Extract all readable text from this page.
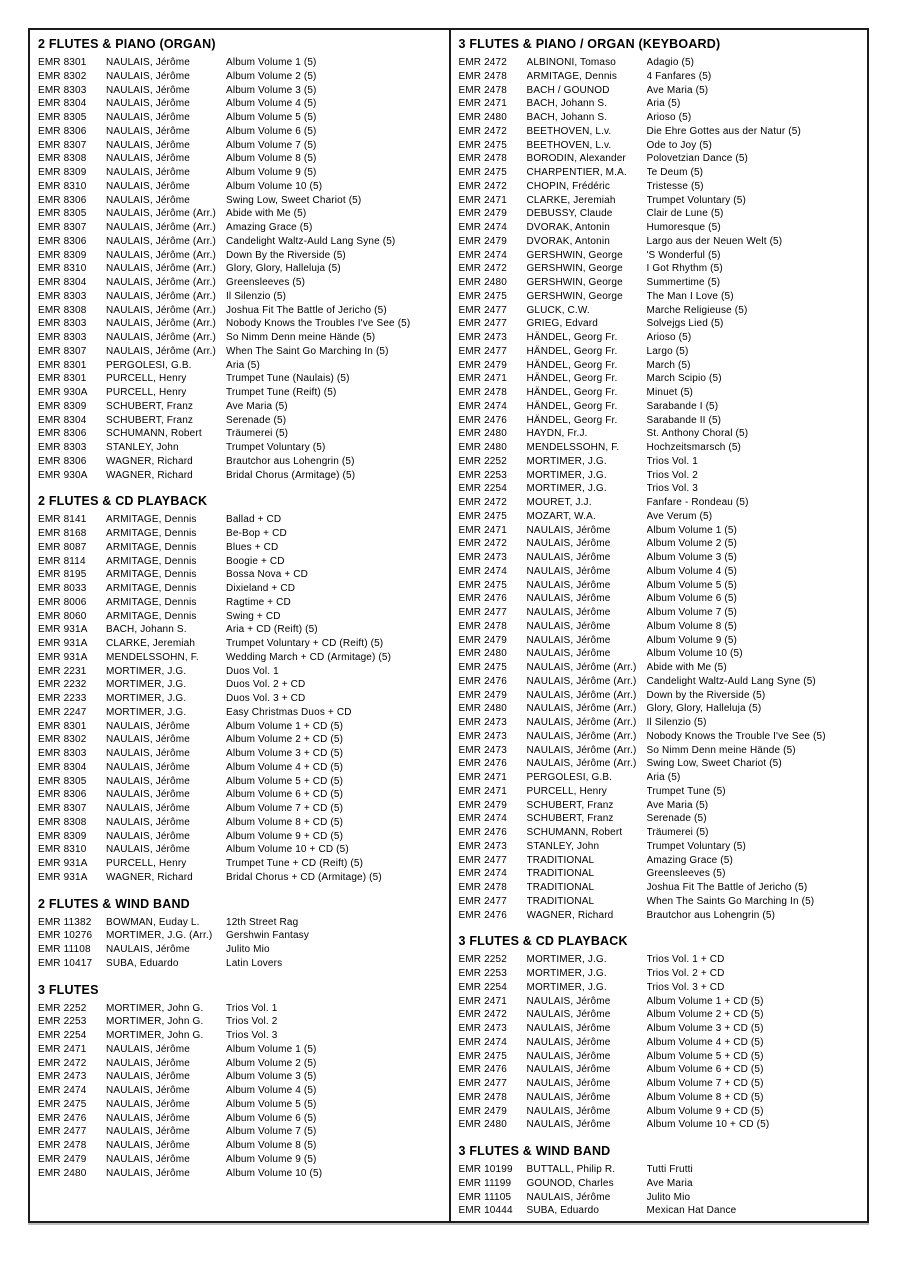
2 FLUTES & PIANO (ORGAN)
EMR 8301	NAULAIS, Jérôme	Album Volume 1 (5)
EMR 8302	NAULAIS, Jérôme	Album Volume 2 (5)
EMR 8303	NAULAIS, Jérôme	Album Volume 3 (5)
EMR 8304	NAULAIS, Jérôme	Album Volume 4 (5)
EMR 8305	NAULAIS, Jérôme	Album Volume 5 (5)
EMR 8306	NAULAIS, Jérôme	Album Volume 6 (5)
EMR 8307	NAULAIS, Jérôme	Album Volume 7 (5)
EMR 8308	NAULAIS, Jérôme	Album Volume 8 (5)
EMR 8309	NAULAIS, Jérôme	Album Volume 9 (5)
EMR 8310	NAULAIS, Jérôme	Album Volume 10 (5)
EMR 8306	NAULAIS, Jérôme	Swing Low, Sweet Chariot (5)
EMR 8305	NAULAIS, Jérôme (Arr.)	Abide with Me (5)
EMR 8307	NAULAIS, Jérôme (Arr.)	Amazing Grace (5)
EMR 8306	NAULAIS, Jérôme (Arr.)	Candelight Waltz-Auld Lang Syne (5)
EMR 8309	NAULAIS, Jérôme (Arr.)	Down By the Riverside (5)
EMR 8310	NAULAIS, Jérôme (Arr.)	Glory, Glory, Halleluja (5)
EMR 8304	NAULAIS, Jérôme (Arr.)	Greensleeves (5)
EMR 8303	NAULAIS, Jérôme (Arr.)	Il Silenzio (5)
EMR 8308	NAULAIS, Jérôme (Arr.)	Joshua Fit The Battle of Jericho (5)
EMR 8303	NAULAIS, Jérôme (Arr.)	Nobody Knows the Troubles I've See (5)
EMR 8303	NAULAIS, Jérôme (Arr.)	So Nimm Denn meine Hände (5)
EMR 8307	NAULAIS, Jérôme (Arr.)	When The Saint Go Marching In (5)
EMR 8301	PERGOLESI, G.B.	Aria (5)
EMR 8301	PURCELL, Henry	Trumpet Tune (Naulais) (5)
EMR 930A	PURCELL, Henry	Trumpet Tune (Reift) (5)
EMR 8309	SCHUBERT, Franz	Ave Maria (5)
EMR 8304	SCHUBERT, Franz	Serenade (5)
EMR 8306	SCHUMANN, Robert	Träumerei (5)
EMR 8303	STANLEY, John	Trumpet Voluntary (5)
EMR 8306	WAGNER, Richard	Brautchor aus Lohengrin (5)
EMR 930A	WAGNER, Richard	Bridal Chorus (Armitage) (5)
2 FLUTES & CD PLAYBACK
EMR 8141	ARMITAGE, Dennis	Ballad + CD
EMR 8168	ARMITAGE, Dennis	Be-Bop + CD
EMR 8087	ARMITAGE, Dennis	Blues + CD
EMR 8114	ARMITAGE, Dennis	Boogie + CD
EMR 8195	ARMITAGE, Dennis	Bossa Nova + CD
EMR 8033	ARMITAGE, Dennis	Dixieland + CD
EMR 8006	ARMITAGE, Dennis	Ragtime + CD
EMR 8060	ARMITAGE, Dennis	Swing + CD
EMR 931A	BACH, Johann S.	Aria + CD (Reift) (5)
EMR 931A	CLARKE, Jeremiah	Trumpet Voluntary + CD (Reift) (5)
EMR 931A	MENDELSSOHN, F.	Wedding March + CD (Armitage) (5)
EMR 2231	MORTIMER, J.G.	Duos Vol. 1
EMR 2232	MORTIMER, J.G.	Duos Vol. 2 + CD
EMR 2233	MORTIMER, J.G.	Duos Vol. 3 + CD
EMR 2247	MORTIMER, J.G.	Easy Christmas Duos + CD
EMR 8301	NAULAIS, Jérôme	Album Volume 1 + CD (5)
EMR 8302	NAULAIS, Jérôme	Album Volume 2 + CD (5)
EMR 8303	NAULAIS, Jérôme	Album Volume 3 + CD (5)
EMR 8304	NAULAIS, Jérôme	Album Volume 4 + CD (5)
EMR 8305	NAULAIS, Jérôme	Album Volume 5 + CD (5)
EMR 8306	NAULAIS, Jérôme	Album Volume 6 + CD (5)
EMR 8307	NAULAIS, Jérôme	Album Volume 7 + CD (5)
EMR 8308	NAULAIS, Jérôme	Album Volume 8 + CD (5)
EMR 8309	NAULAIS, Jérôme	Album Volume 9 + CD (5)
EMR 8310	NAULAIS, Jérôme	Album Volume 10 + CD (5)
EMR 931A	PURCELL, Henry	Trumpet Tune + CD (Reift) (5)
EMR 931A	WAGNER, Richard	Bridal Chorus + CD (Armitage) (5)
2 FLUTES & WIND BAND
EMR 11382	BOWMAN, Euday L.	12th Street Rag
EMR 10276	MORTIMER, J.G. (Arr.)	Gershwin Fantasy
EMR 11108	NAULAIS, Jérôme	Julito Mio
EMR 10417	SUBA, Eduardo	Latin Lovers
3 FLUTES
EMR 2252	MORTIMER, John G.	Trios Vol. 1
EMR 2253	MORTIMER, John G.	Trios Vol. 2
EMR 2254	MORTIMER, John G.	Trios Vol. 3
EMR 2471	NAULAIS, Jérôme	Album Volume 1 (5)
EMR 2472	NAULAIS, Jérôme	Album Volume 2 (5)
EMR 2473	NAULAIS, Jérôme	Album Volume 3 (5)
EMR 2474	NAULAIS, Jérôme	Album Volume 4 (5)
EMR 2475	NAULAIS, Jérôme	Album Volume 5 (5)
EMR 2476	NAULAIS, Jérôme	Album Volume 6 (5)
EMR 2477	NAULAIS, Jérôme	Album Volume 7 (5)
EMR 2478	NAULAIS, Jérôme	Album Volume 8 (5)
EMR 2479	NAULAIS, Jérôme	Album Volume 9 (5)
EMR 2480	NAULAIS, Jérôme	Album Volume 10 (5)
3 FLUTES & PIANO / ORGAN (KEYBOARD)
EMR 2472	ALBINONI, Tomaso	Adagio (5)
EMR 2478	ARMITAGE, Dennis	4 Fanfares (5)
EMR 2478	BACH / GOUNOD	Ave Maria (5)
EMR 2471	BACH, Johann S.	Aria (5)
EMR 2480	BACH, Johann S.	Arioso (5)
EMR 2472	BEETHOVEN, L.v.	Die Ehre Gottes aus der Natur (5)
EMR 2475	BEETHOVEN, L.v.	Ode to Joy (5)
EMR 2478	BORODIN, Alexander	Polovetzian Dance (5)
EMR 2475	CHARPENTIER, M.A.	Te Deum (5)
EMR 2472	CHOPIN, Frédéric	Tristesse (5)
EMR 2471	CLARKE, Jeremiah	Trumpet Voluntary (5)
EMR 2479	DEBUSSY, Claude	Clair de Lune (5)
EMR 2474	DVORAK, Antonin	Humoresque (5)
EMR 2479	DVORAK, Antonin	Largo aus der Neuen Welt (5)
EMR 2474	GERSHWIN, George	'S Wonderful (5)
EMR 2472	GERSHWIN, George	I Got Rhythm (5)
EMR 2480	GERSHWIN, George	Summertime (5)
EMR 2475	GERSHWIN, George	The Man I Love (5)
EMR 2477	GLUCK, C.W.	Marche Religieuse (5)
EMR 2477	GRIEG, Edvard	Solvejgs Lied (5)
EMR 2473	HÄNDEL, Georg Fr.	Arioso (5)
EMR 2477	HÄNDEL, Georg Fr.	Largo (5)
EMR 2479	HÄNDEL, Georg Fr.	March (5)
EMR 2471	HÄNDEL, Georg Fr.	March Scipio (5)
EMR 2478	HÄNDEL, Georg Fr.	Minuet (5)
EMR 2474	HÄNDEL, Georg Fr.	Sarabande I (5)
EMR 2476	HÄNDEL, Georg Fr.	Sarabande II (5)
EMR 2480	HAYDN, Fr.J.	St. Anthony Choral (5)
EMR 2480	MENDELSSOHN, F.	Hochzeitsmarsch (5)
EMR 2252	MORTIMER, J.G.	Trios Vol. 1
EMR 2253	MORTIMER, J.G.	Trios Vol. 2
EMR 2254	MORTIMER, J.G.	Trios Vol. 3
EMR 2472	MOURET, J.J.	Fanfare - Rondeau (5)
EMR 2475	MOZART, W.A.	Ave Verum (5)
EMR 2471	NAULAIS, Jérôme	Album Volume 1 (5)
EMR 2472	NAULAIS, Jérôme	Album Volume 2 (5)
EMR 2473	NAULAIS, Jérôme	Album Volume 3 (5)
EMR 2474	NAULAIS, Jérôme	Album Volume 4 (5)
EMR 2475	NAULAIS, Jérôme	Album Volume 5 (5)
EMR 2476	NAULAIS, Jérôme	Album Volume 6 (5)
EMR 2477	NAULAIS, Jérôme	Album Volume 7 (5)
EMR 2478	NAULAIS, Jérôme	Album Volume 8 (5)
EMR 2479	NAULAIS, Jérôme	Album Volume 9 (5)
EMR 2480	NAULAIS, Jérôme	Album Volume 10 (5)
EMR 2475	NAULAIS, Jérôme (Arr.)	Abide with Me (5)
EMR 2476	NAULAIS, Jérôme (Arr.)	Candelight Waltz-Auld Lang Syne (5)
EMR 2479	NAULAIS, Jérôme (Arr.)	Down by the Riverside (5)
EMR 2480	NAULAIS, Jérôme (Arr.)	Glory, Glory, Halleluja (5)
EMR 2473	NAULAIS, Jérôme (Arr.)	Il Silenzio (5)
EMR 2473	NAULAIS, Jérôme (Arr.)	Nobody Knows the Trouble I've See (5)
EMR 2473	NAULAIS, Jérôme (Arr.)	So Nimm Denn meine Hände (5)
EMR 2476	NAULAIS, Jérôme (Arr.)	Swing Low, Sweet Chariot (5)
EMR 2471	PERGOLESI, G.B.	Aria (5)
EMR 2471	PURCELL, Henry	Trumpet Tune (5)
EMR 2479	SCHUBERT, Franz	Ave Maria (5)
EMR 2474	SCHUBERT, Franz	Serenade (5)
EMR 2476	SCHUMANN, Robert	Träumerei (5)
EMR 2473	STANLEY, John	Trumpet Voluntary (5)
EMR 2477	TRADITIONAL	Amazing Grace (5)
EMR 2474	TRADITIONAL	Greensleeves (5)
EMR 2478	TRADITIONAL	Joshua Fit The Battle of Jericho (5)
EMR 2477	TRADITIONAL	When The Saints Go Marching In (5)
EMR 2476	WAGNER, Richard	Brautchor aus Lohengrin (5)
3 FLUTES & CD PLAYBACK
EMR 2252	MORTIMER, J.G.	Trios Vol. 1 + CD
EMR 2253	MORTIMER, J.G.	Trios Vol. 2 + CD
EMR 2254	MORTIMER, J.G.	Trios Vol. 3 + CD
EMR 2471	NAULAIS, Jérôme	Album Volume 1 + CD (5)
EMR 2472	NAULAIS, Jérôme	Album Volume 2 + CD (5)
EMR 2473	NAULAIS, Jérôme	Album Volume 3 + CD (5)
EMR 2474	NAULAIS, Jérôme	Album Volume 4 + CD (5)
EMR 2475	NAULAIS, Jérôme	Album Volume 5 + CD (5)
EMR 2476	NAULAIS, Jérôme	Album Volume 6 + CD (5)
EMR 2477	NAULAIS, Jérôme	Album Volume 7 + CD (5)
EMR 2478	NAULAIS, Jérôme	Album Volume 8 + CD (5)
EMR 2479	NAULAIS, Jérôme	Album Volume 9 + CD (5)
EMR 2480	NAULAIS, Jérôme	Album Volume 10 + CD (5)
3 FLUTES & WIND BAND
EMR 10199	BUTTALL, Philip R.	Tutti Frutti
EMR 11199	GOUNOD, Charles	Ave Maria
EMR 11105	NAULAIS, Jérôme	Julito Mio
EMR 10444	SUBA, Eduardo	Mexican Hat Dance
